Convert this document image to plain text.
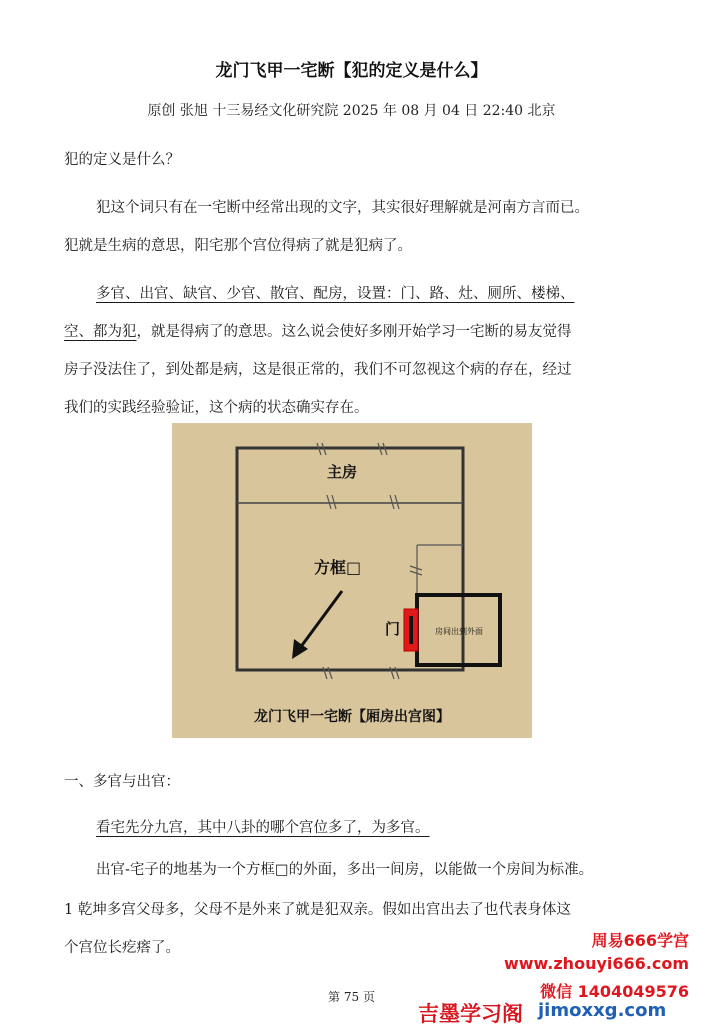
龙门飞甲一宅断【犯的定义是什么】
原创 张旭 十三易经文化研究院 2025 年 08 月 04 日 22:40 北京
犯的定义是什么？
犯这个词只有在一宅断中经常出现的文字，其实很好理解就是河南方言而已。
犯就是生病的意思，阳宅那个宫位得病了就是犯病了。
多官、出官、缺官、少官、散官、配房，设置：门、路、灶、厕所、楼梯、
空、都为犯，就是得病了的意思。这么说会使好多刚开始学习一宅断的易友觉得
房子没法住了，到处都是病，这是很正常的，我们不可忽视这个病的存在，经过
我们的实践经验验证，这个病的状态确实存在。
主房
方框□
门	房间出到外面
龙门飞甲一宅断【厢房出宫图】
一、多官与出官：
看宅先分九宫，其中八卦的哪个宫位多了，为多官。
出官-宅子的地基为一个方框□的外面，多出一间房，以能做一个房间为标准。
1 乾坤多宫父母多，父母不是外来了就是犯双亲。假如出宫出去了也代表身体这
个宫位长疙瘩了。
第 75 页
周易666学宫
www.zhouyi666.com
微信 1404049576
吉墨学习阁 jimoxxg.com
